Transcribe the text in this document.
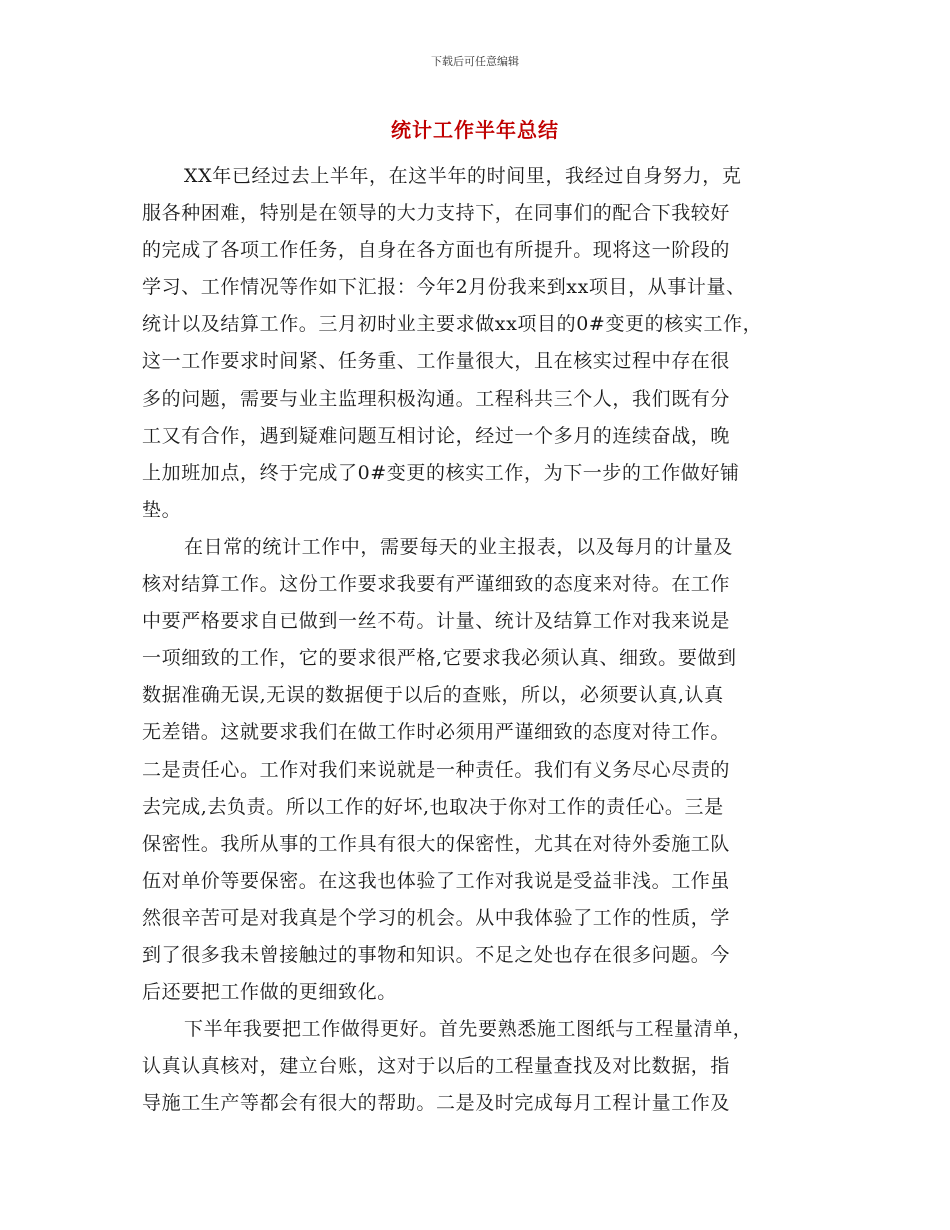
下载后可任意编辑
统计工作半年总结
XX年已经过去上半年，在这半年的时间里，我经过自身努力，克
服各种困难，特别是在领导的大力支持下，在同事们的配合下我较好
的完成了各项工作任务，自身在各方面也有所提升。现将这一阶段的
学习、工作情况等作如下汇报：今年2月份我来到xx项目，从事计量、
统计以及结算工作。三月初时业主要求做xx项目的0#变更的核实工作，
这一工作要求时间紧、任务重、工作量很大，且在核实过程中存在很
多的问题，需要与业主监理积极沟通。工程科共三个人，我们既有分
工又有合作，遇到疑难问题互相讨论，经过一个多月的连续奋战，晚
上加班加点，终于完成了0#变更的核实工作，为下一步的工作做好铺
垫。
在日常的统计工作中，需要每天的业主报表，以及每月的计量及
核对结算工作。这份工作要求我要有严谨细致的态度来对待。在工作
中要严格要求自已做到一丝不苟。计量、统计及结算工作对我来说是
一项细致的工作，它的要求很严格,它要求我必须认真、细致。要做到
数据准确无误,无误的数据便于以后的查账，所以，必须要认真,认真
无差错。这就要求我们在做工作时必须用严谨细致的态度对待工作。
二是责任心。工作对我们来说就是一种责任。我们有义务尽心尽责的
去完成,去负责。所以工作的好坏,也取决于你对工作的责任心。三是
保密性。我所从事的工作具有很大的保密性，尤其在对待外委施工队
伍对单价等要保密。在这我也体验了工作对我说是受益非浅。工作虽
然很辛苦可是对我真是个学习的机会。从中我体验了工作的性质，学
到了很多我未曾接触过的事物和知识。不足之处也存在很多问题。今
后还要把工作做的更细致化。
下半年我要把工作做得更好。首先要熟悉施工图纸与工程量清单，
认真认真核对，建立台账，这对于以后的工程量查找及对比数据，指
导施工生产等都会有很大的帮助。二是及时完成每月工程计量工作及
